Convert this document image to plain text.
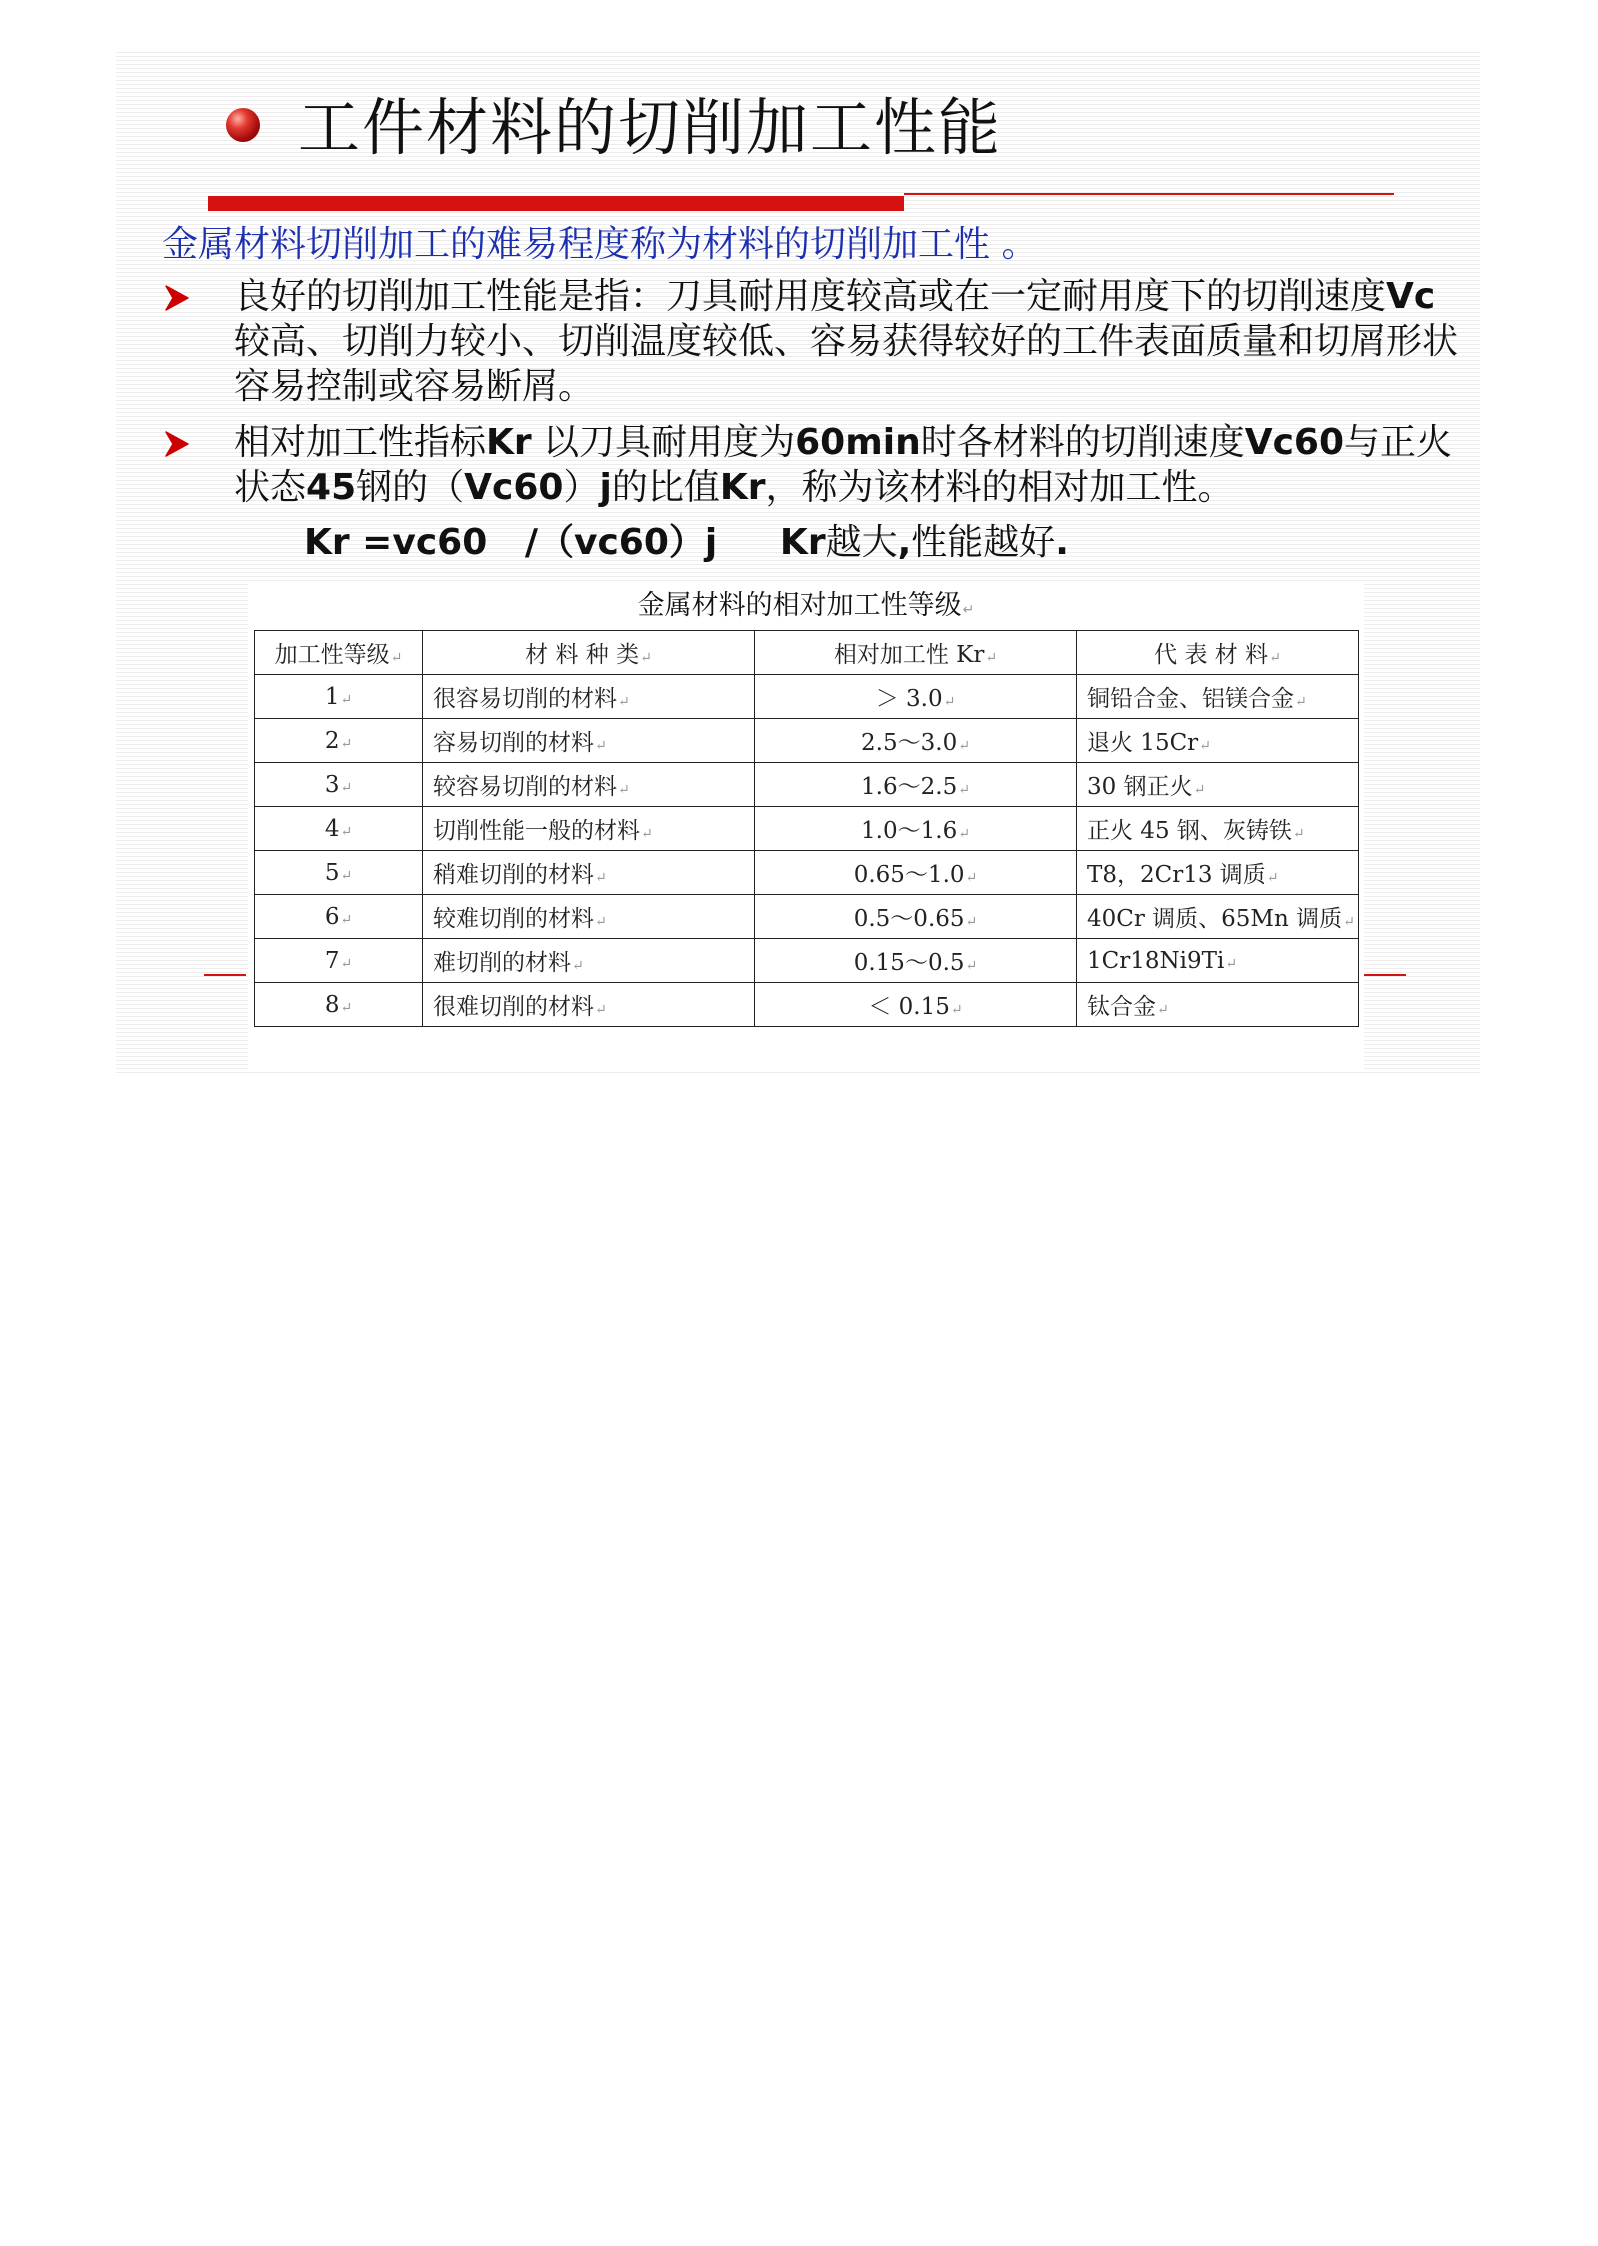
工件材料的切削加工性能
金属材料切削加工的难易程度称为材料的切削加工性 。
良好的切削加工性能是指：刀具耐用度较高或在一定耐用度下的切削速度Vc较高、切削力较小、切削温度较低、容易获得较好的工件表面质量和切屑形状容易控制或容易断屑。
相对加工性指标Kr 以刀具耐用度为60min时各材料的切削速度Vc60与正火状态45钢的（Vc60）j的比值Kr，称为该材料的相对加工性。
Kr =vc60   /（vc60）j     Kr越大,性能越好.
金属材料的相对加工性等级↵
加工性等级↵	材 料 种 类↵	相对加工性 Kr↵	代 表 材 料↵
1↵	很容易切削的材料↵	＞ 3.0↵	铜铅合金、铝镁合金↵
2↵	容易切削的材料↵	2.5～3.0↵	退火 15Cr↵
3↵	较容易切削的材料↵	1.6～2.5↵	30 钢正火↵
4↵	切削性能一般的材料↵	1.0～1.6↵	正火 45 钢、灰铸铁↵
5↵	稍难切削的材料↵	0.65～1.0↵	T8，2Cr13 调质↵
6↵	较难切削的材料↵	0.5～0.65↵	40Cr 调质、65Mn 调质↵
7↵	难切削的材料↵	0.15～0.5↵	1Cr18Ni9Ti↵
8↵	很难切削的材料↵	＜ 0.15↵	钛合金↵
